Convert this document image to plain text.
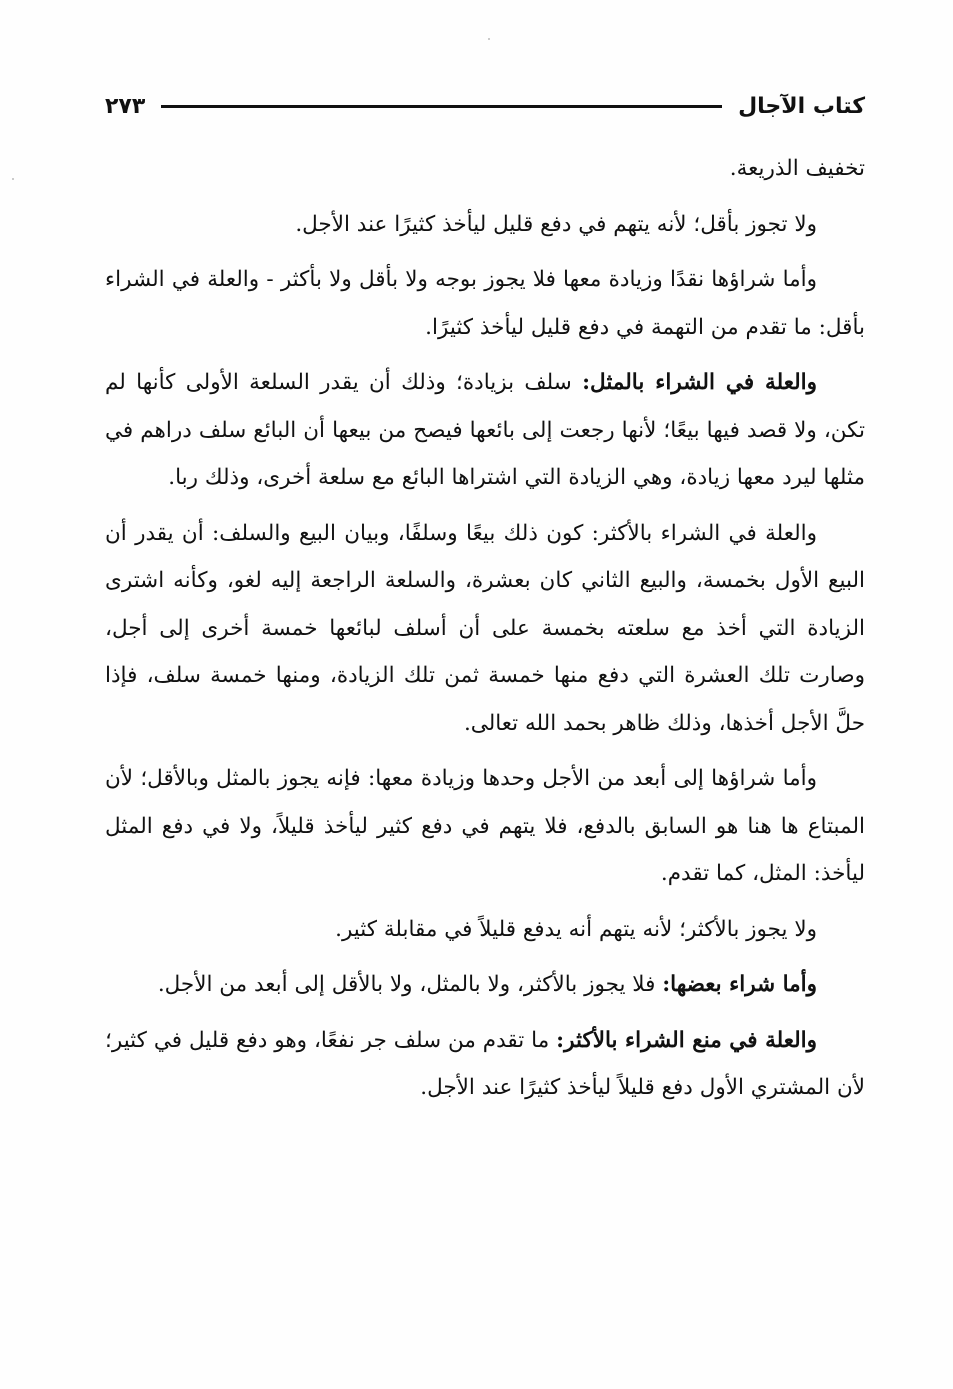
كتاب الآجال
٢٧٣

تخفيف الذريعة.

ولا تجوز بأقل؛ لأنه يتهم في دفع قليل ليأخذ كثيرًا عند الأجل.

وأما شراؤها نقدًا وزيادة معها فلا يجوز بوجه ولا بأقل ولا بأكثر - والعلة في الشراء بأقل: ما تقدم من التهمة في دفع قليل ليأخذ كثيرًا.

والعلة في الشراء بالمثل: سلف بزيادة؛ وذلك أن يقدر السلعة الأولى كأنها لم تكن، ولا قصد فيها بيعًا؛ لأنها رجعت إلى بائعها فيصح من بيعها أن البائع سلف دراهم في مثلها ليرد معها زيادة، وهي الزيادة التي اشتراها البائع مع سلعة أخرى، وذلك ربا.

والعلة في الشراء بالأكثر: كون ذلك بيعًا وسلفًا، وبيان البيع والسلف: أن يقدر أن البيع الأول بخمسة، والبيع الثاني كان بعشرة، والسلعة الراجعة إليه لغو، وكأنه اشترى الزيادة التي أخذ مع سلعته بخمسة على أن أسلف لبائعها خمسة أخرى إلى أجل، وصارت تلك العشرة التي دفع منها خمسة ثمن تلك الزيادة، ومنها خمسة سلف، فإذا حلَّ الأجل أخذها، وذلك ظاهر بحمد الله تعالى.

وأما شراؤها إلى أبعد من الأجل وحدها وزيادة معها: فإنه يجوز بالمثل وبالأقل؛ لأن المبتاع ها هنا هو السابق بالدفع، فلا يتهم في دفع كثير ليأخذ قليلاً، ولا في دفع المثل ليأخذ: المثل، كما تقدم.

ولا يجوز بالأكثر؛ لأنه يتهم أنه يدفع قليلاً في مقابلة كثير.

وأما شراء بعضها: فلا يجوز بالأكثر، ولا بالمثل، ولا بالأقل إلى أبعد من الأجل.

والعلة في منع الشراء بالأكثر: ما تقدم من سلف جر نفعًا، وهو دفع قليل في كثير؛ لأن المشتري الأول دفع قليلاً ليأخذ كثيرًا عند الأجل.
